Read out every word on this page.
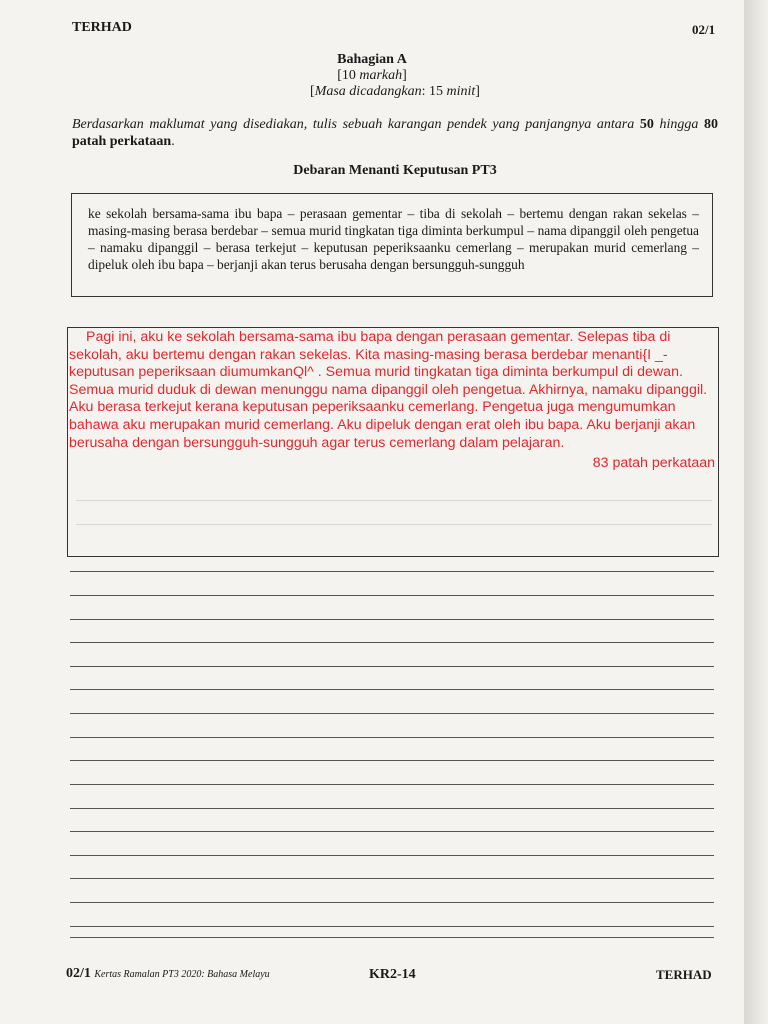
TERHAD	02/1
Bahagian A
[10 markah]
[Masa dicadangkan: 15 minit]
Berdasarkan maklumat yang disediakan, tulis sebuah karangan pendek yang panjangnya antara 50 hingga 80 patah perkataan.
Debaran Menanti Keputusan PT3
ke sekolah bersama-sama ibu bapa – perasaan gementar – tiba di sekolah – bertemu dengan rakan sekelas – masing-masing berasa berdebar – semua murid tingkatan tiga diminta berkumpul – nama dipanggil oleh pengetua – namaku dipanggil – berasa terkejut – keputusan peperiksaanku cemerlang – merupakan murid cemerlang – dipeluk oleh ibu bapa – berjanji akan terus berusaha dengan bersungguh-sungguh

Pagi ini, aku ke sekolah bersama-sama ibu bapa dengan perasaan gementar. Selepas tiba di sekolah, aku bertemu dengan rakan sekelas. Kita masing-masing berasa berdebar menanti{I _-keputusan peperiksaan diumumkanQl^ . Semua murid tingkatan tiga diminta berkumpul di dewan. Semua murid duduk di dewan menunggu nama dipanggil oleh pengetua. Akhirnya, namaku dipanggil. Aku berasa terkejut kerana keputusan peperiksaanku cemerlang. Pengetua juga mengumumkan bahawa aku merupakan murid cemerlang. Aku dipeluk dengan erat oleh ibu bapa. Aku berjanji akan berusaha dengan bersungguh-sungguh agar terus cemerlang dalam pelajaran.

83 patah perkataan
02/1 Kertas Ramalan PT3 2020: Bahasa Melayu	KR2-14	TERHAD
